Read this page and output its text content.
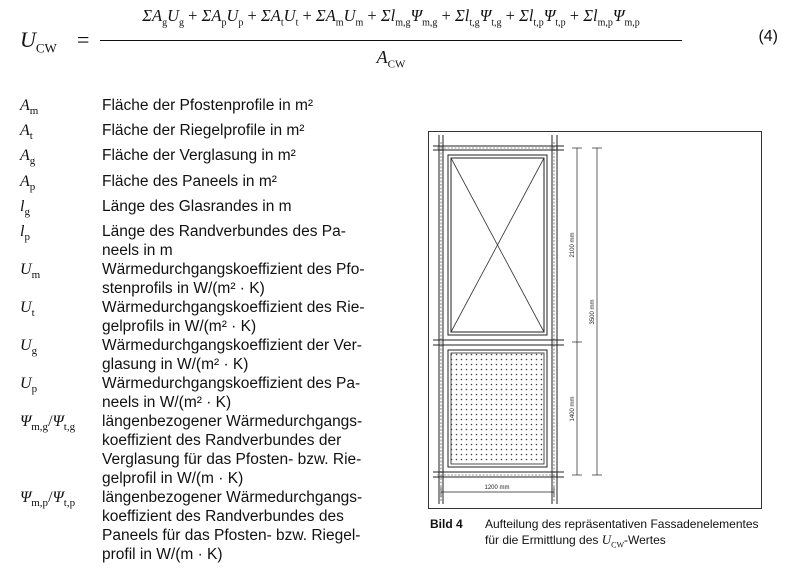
$U_{CW}$ =
$\Sigma A_gU_g + \Sigma A_pU_p + \Sigma A_tU_t + \Sigma A_mU_m + \Sigma l_{m,g}\Psi_{m,g} + \Sigma l_{t,g}\Psi_{t,g} + \Sigma l_{t,p}\Psi_{t,p} + \Sigma l_{m,p}\Psi_{m,p}$
$A_{CW}$
(4)
$A_m$	Fläche der Pfostenprofile in m²
$A_t$	Fläche der Riegelprofile in m²
$A_g$	Fläche der Verglasung in m²
$A_p$	Fläche des Paneels in m²
$l_g$	Länge des Glasrandes in m
$l_p$	Länge des Randverbundes des Pa-
neels in m
$U_m$	Wärmedurchgangskoeffizient des Pfo-
stenprofils in W/(m² · K)
$U_t$	Wärmedurchgangskoeffizient des Rie-
gelprofils in W/(m² · K)
$U_g$	Wärmedurchgangskoeffizient der Ver-
glasung in W/(m² · K)
$U_p$	Wärmedurchgangskoeffizient des Pa-
neels in W/(m² · K)
$\Psi_{m,g}/\Psi_{t,g}$	längenbezogener Wärmedurchgangs-
koeffizient des Randverbundes der
Verglasung für das Pfosten- bzw. Rie-
gelprofil in W/(m · K)
$\Psi_{m,p}/\Psi_{t,p}$	längenbezogener Wärmedurchgangs-
koeffizient des Randverbundes des
Paneels für das Pfosten- bzw. Riegel-
profil in W/(m · K)
1200 mm
2100 mm
3500 mm
1400 mm
Bild 4 Aufteilung des repräsentativen Fassadenelementes
für die Ermittlung des $U_{CW}$-Wertes
